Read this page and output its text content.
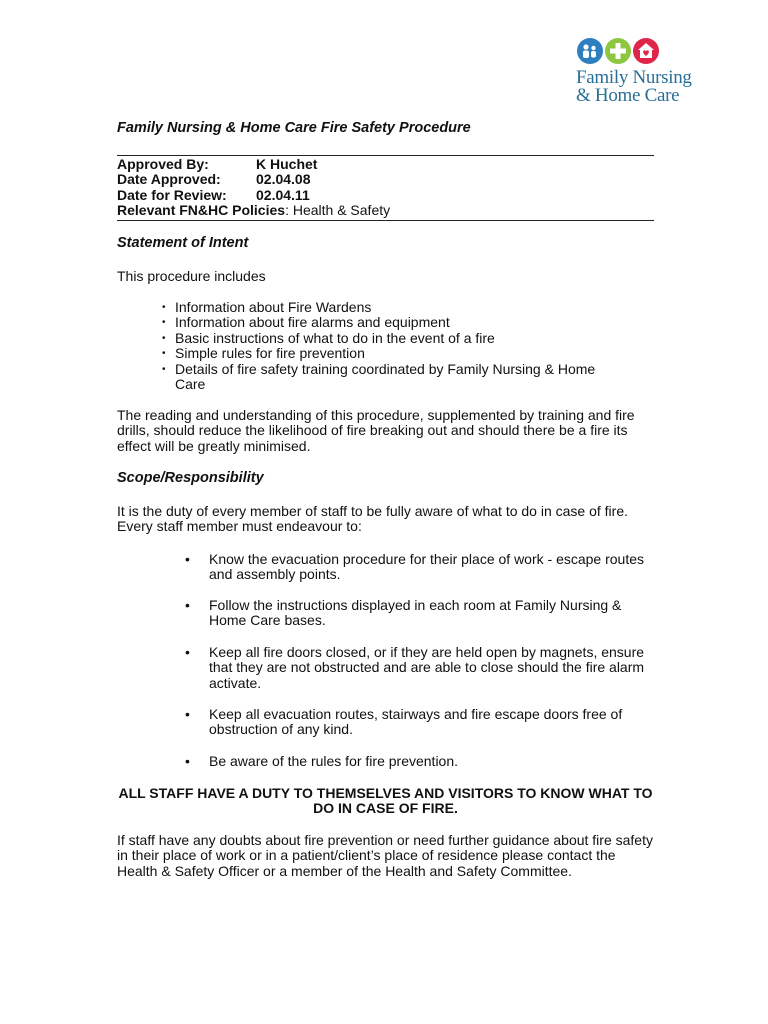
Family Nursing
& Home Care
Family Nursing & Home Care Fire Safety Procedure
Approved By:	K Huchet
Date Approved:	02.04.08
Date for Review: 02.04.11
Relevant FN&HC Policies: Health & Safety
Statement of Intent

This procedure includes

• Information about Fire Wardens
• Information about fire alarms and equipment
• Basic instructions of what to do in the event of a fire
• Simple rules for fire prevention
• Details of fire safety training coordinated by Family Nursing & Home Care

The reading and understanding of this procedure, supplemented by training and fire drills, should reduce the likelihood of fire breaking out and should there be a fire its effect will be greatly minimised.

Scope/Responsibility

It is the duty of every member of staff to be fully aware of what to do in case of fire. Every staff member must endeavour to:

• Know the evacuation procedure for their place of work - escape routes and assembly points.
• Follow the instructions displayed in each room at Family Nursing & Home Care bases.
• Keep all fire doors closed, or if they are held open by magnets, ensure that they are not obstructed and are able to close should the fire alarm activate.
• Keep all evacuation routes, stairways and fire escape doors free of obstruction of any kind.
• Be aware of the rules for fire prevention.

ALL STAFF HAVE A DUTY TO THEMSELVES AND VISITORS TO KNOW WHAT TO DO IN CASE OF FIRE.

If staff have any doubts about fire prevention or need further guidance about fire safety in their place of work or in a patient/client’s place of residence please contact the Health & Safety Officer or a member of the Health and Safety Committee.
